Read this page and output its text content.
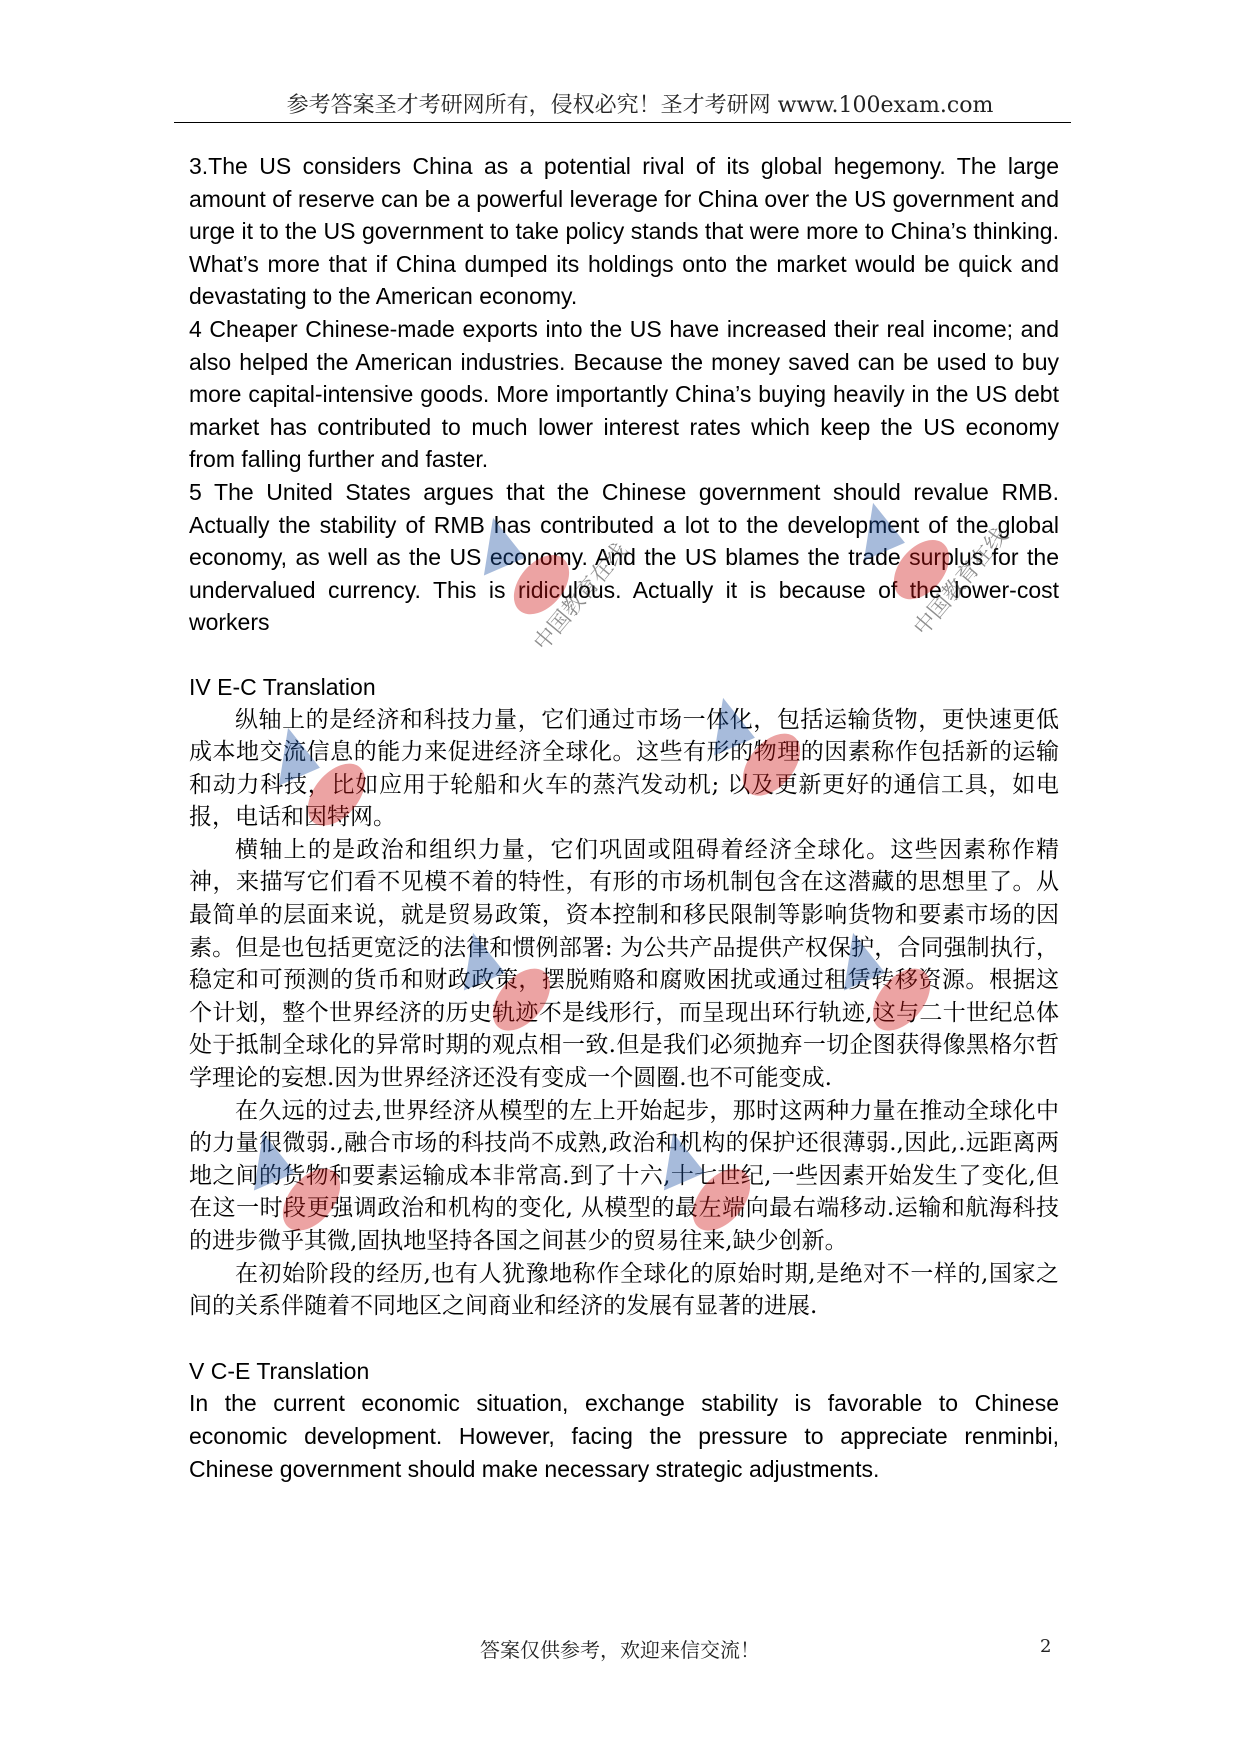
参考答案圣才考研网所有，侵权必究！圣才考研网 www.100exam.com

3.The US considers China as a potential rival of its global hegemony. The large amount of reserve can be a powerful leverage for China over the US government and urge it to the US government to take policy stands that were more to China’s thinking. What’s more that if China dumped its holdings onto the market would be quick and devastating to the American economy.

4 Cheaper Chinese-made exports into the US have increased their real income; and also helped the American industries. Because the money saved can be used to buy more capital-intensive goods. More importantly China’s buying heavily in the US debt market has contributed to much lower interest rates which keep the US economy from falling further and faster.

5 The United States argues that the Chinese government should revalue RMB. Actually the stability of RMB has contributed a lot to the development of the global economy, as well as the US economy. And the US blames the trade surplus for the undervalued currency. This is ridiculous. Actually it is because of the lower-cost workers

IV E-C Translation

纵轴上的是经济和科技力量，它们通过市场一体化，包括运输货物，更快速更低成本地交流信息的能力来促进经济全球化。这些有形的物理的因素称作包括新的运输和动力科技，比如应用于轮船和火车的蒸汽发动机; 以及更新更好的通信工具，如电报，电话和因特网。

横轴上的是政治和组织力量，它们巩固或阻碍着经济全球化。这些因素称作精神，来描写它们看不见模不着的特性，有形的市场机制包含在这潜藏的思想里了。从最简单的层面来说，就是贸易政策，资本控制和移民限制等影响货物和要素市场的因素。但是也包括更宽泛的法律和惯例部署: 为公共产品提供产权保护，合同强制执行，稳定和可预测的货币和财政政策，摆脱贿赂和腐败困扰或通过租赁转移资源。根据这个计划，整个世界经济的历史轨迹不是线形行，而呈现出环行轨迹,这与二十世纪总体处于抵制全球化的异常时期的观点相一致.但是我们必须抛弃一切企图获得像黑格尔哲学理论的妄想.因为世界经济还没有变成一个圆圈.也不可能变成.

在久远的过去,世界经济从模型的左上开始起步，那时这两种力量在推动全球化中的力量很微弱.,融合市场的科技尚不成熟,政治和机构的保护还很薄弱.,因此,.远距离两地之间的货物和要素运输成本非常高.到了十六,十七世纪,一些因素开始发生了变化,但在这一时段更强调政治和机构的变化, 从模型的最左端向最右端移动.运输和航海科技的进步微乎其微,固执地坚持各国之间甚少的贸易往来,缺少创新。

在初始阶段的经历,也有人犹豫地称作全球化的原始时期,是绝对不一样的,国家之间的关系伴随着不同地区之间商业和经济的发展有显著的进展.

V C-E Translation

In the current economic situation, exchange stability is favorable to Chinese economic development. However, facing the pressure to appreciate renminbi, Chinese government should make necessary strategic adjustments.

中国教育在线	中国教育在线
答案仅供参考，欢迎来信交流！	2
